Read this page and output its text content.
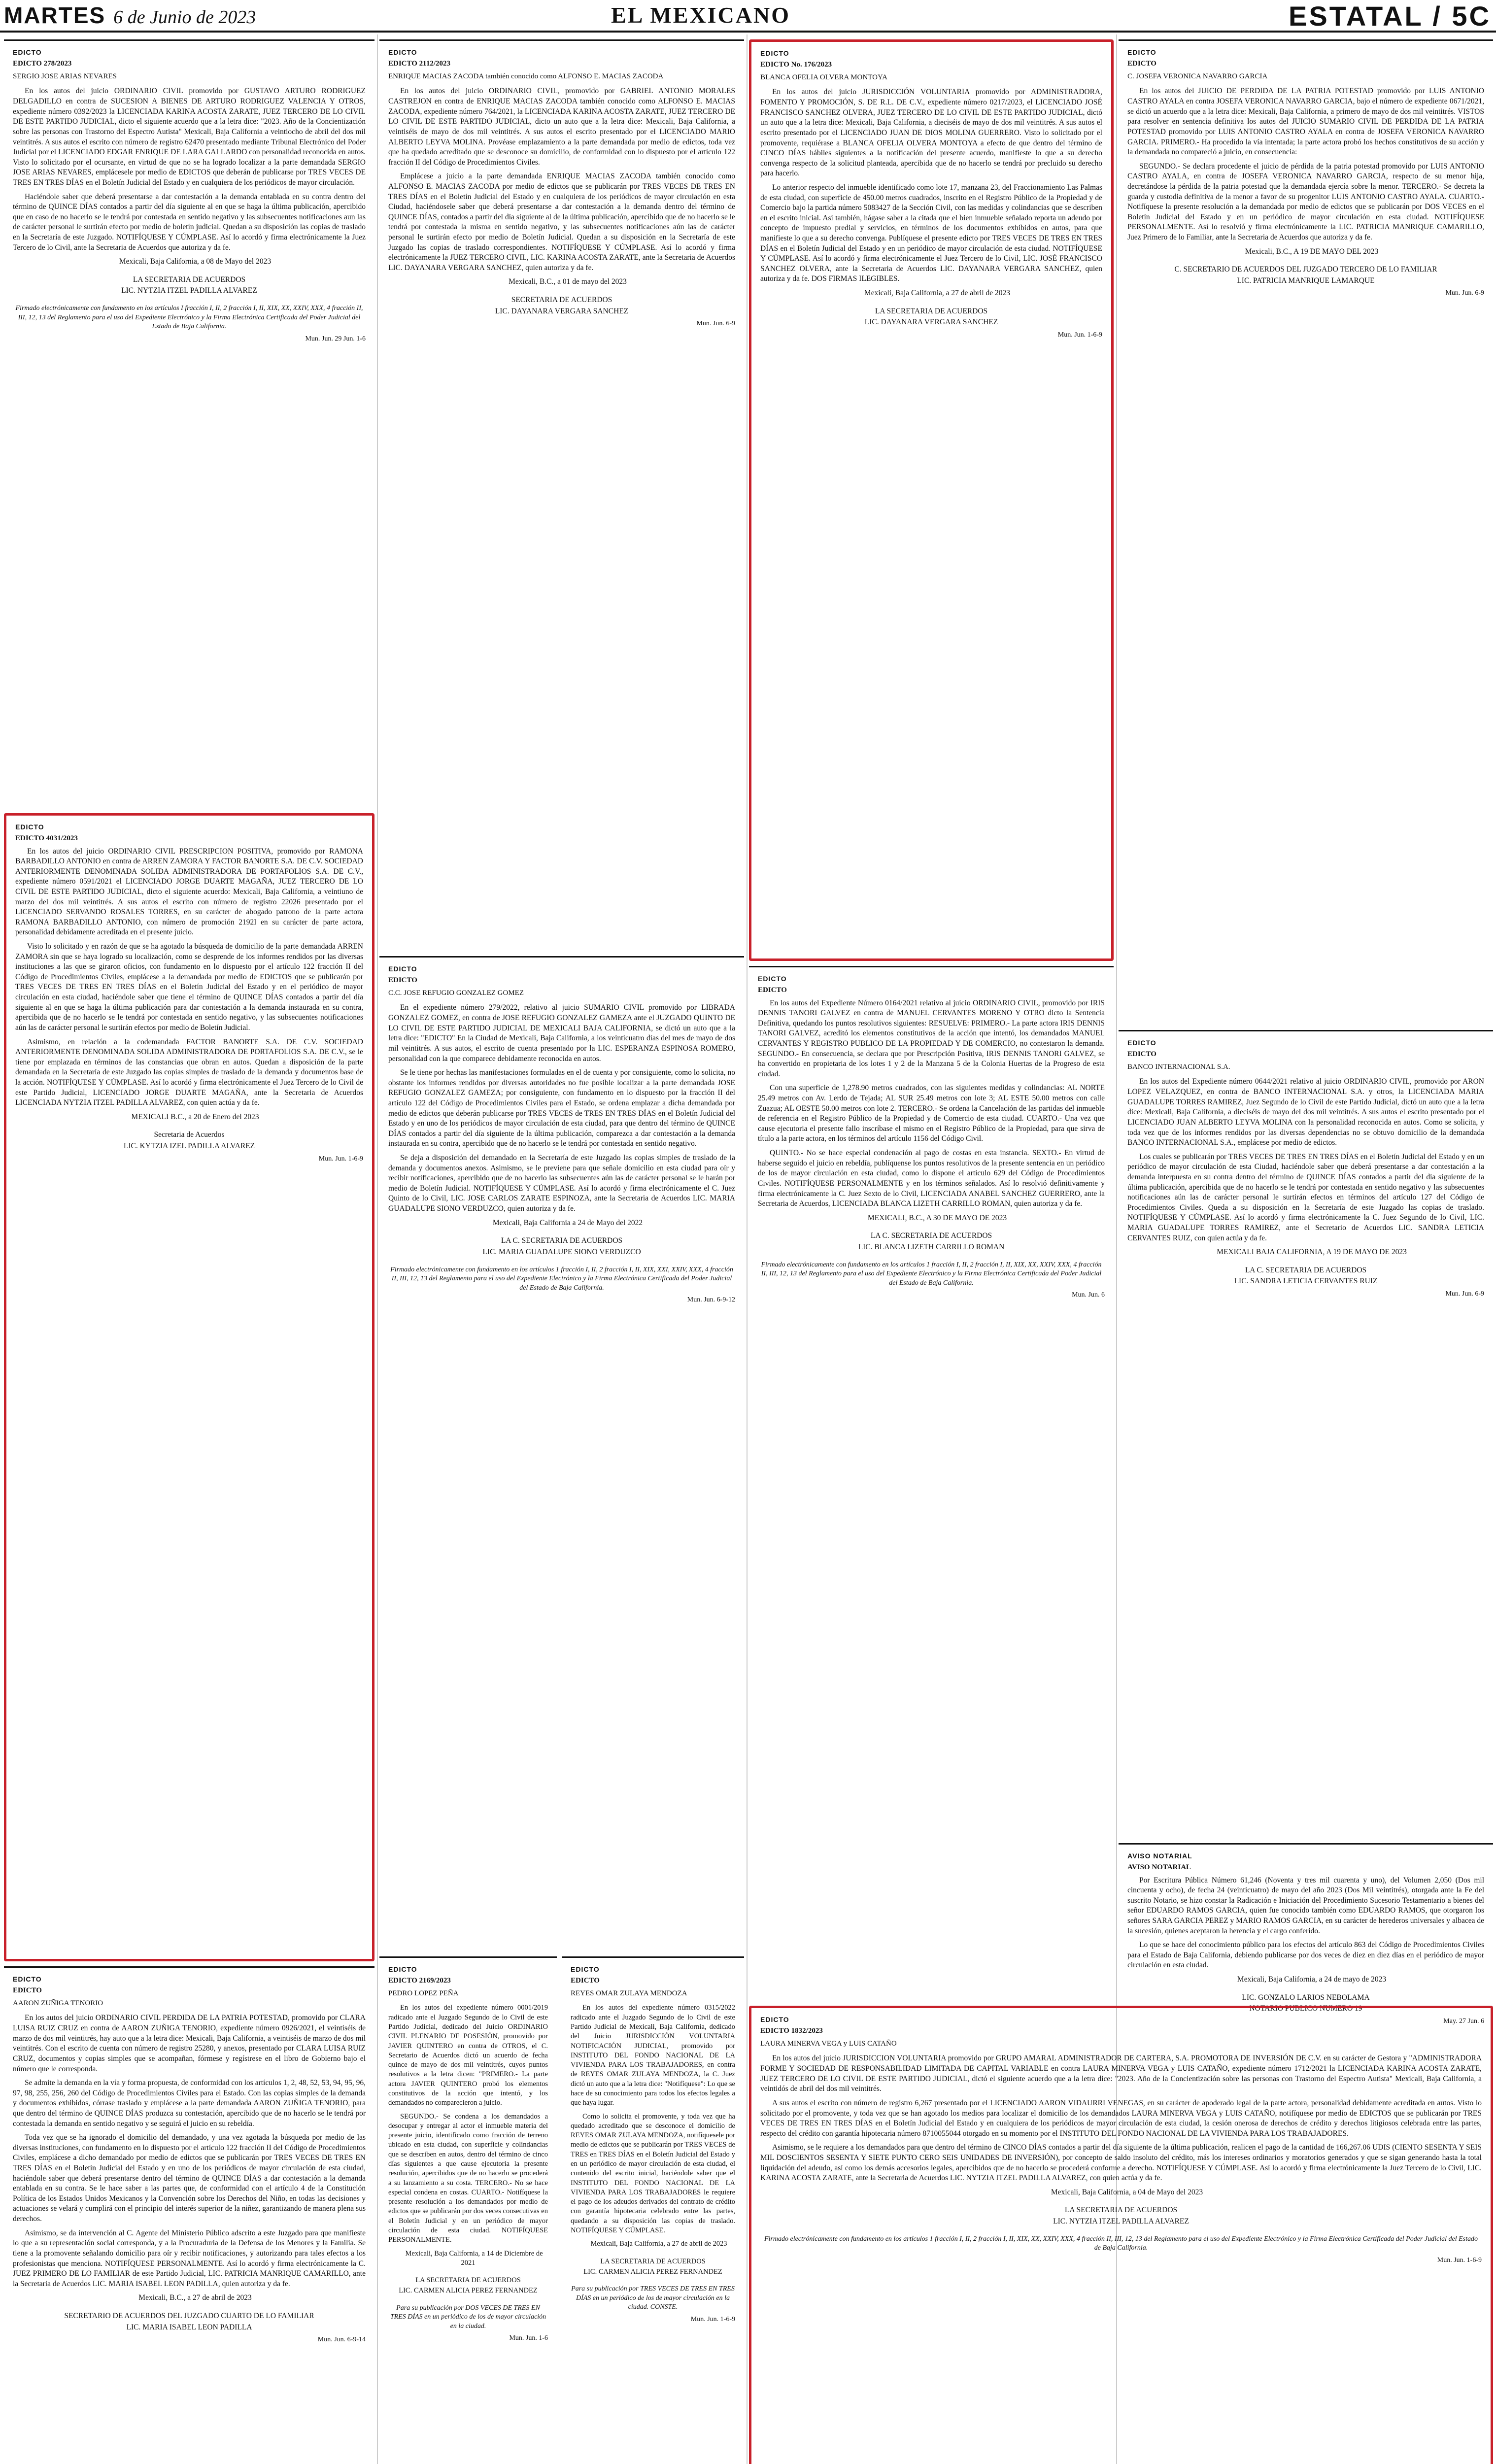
MARTES 6 de Junio de 2023	EL MEXICANO	ESTATAL / 5C
EDICTO
EDICTO 278/2023
SERGIO JOSE ARIAS NEVARES

En los autos del juicio ORDINARIO CIVIL promovido por GUSTAVO ARTURO RODRIGUEZ DELGADILLO en contra de SUCESION A BIENES DE ARTURO RODRIGUEZ VALENCIA Y OTROS, expediente número 0392/2023 la LICENCIADA KARINA ACOSTA ZARATE, JUEZ TERCERO DE LO CIVIL DE ESTE PARTIDO JUDICIAL, dicto el siguiente acuerdo que a la letra dice: "2023. Año de la Concientización sobre las personas con Trastorno del Espectro Autista" Mexicali, Baja California a veintiocho de abril del dos mil veintitrés. A sus autos el escrito con número de registro 62470 presentado mediante Tribunal Electrónico del Poder Judicial por el LICENCIADO EDGAR ENRIQUE DE LARA GALLARDO con personalidad reconocida en autos. Visto lo solicitado por el ocursante, en virtud de que no se ha logrado localizar a la parte demandada SERGIO JOSE ARIAS NEVARES, emplácesele por medio de EDICTOS que deberán de publicarse por TRES VECES DE TRES EN TRES DÍAS en el Boletín Judicial del Estado y en cualquiera de los periódicos de mayor circulación.

Haciéndole saber que deberá presentarse a dar contestación a la demanda entablada en su contra dentro del término de QUINCE DÍAS contados a partir del día siguiente al en que se haga la última publicación, apercibido que en caso de no hacerlo se le tendrá por contestada en sentido negativo y las subsecuentes notificaciones aun las de carácter personal le surtirán efecto por medio de boletín judicial. Quedan a su disposición las copias de traslado en la Secretaría de este Juzgado. NOTIFÍQUESE Y CÚMPLASE. Así lo acordó y firma electrónicamente la Juez Tercero de lo Civil, ante la Secretaria de Acuerdos que autoriza y da fe.

Mexicali, Baja California, a 08 de Mayo del 2023

LA SECRETARIA DE ACUERDOS
LIC. NYTZIA ITZEL PADILLA ALVAREZ
Firmado electrónicamente con fundamento en los artículos I fracción I, II, 2 fracción I, II, XIX, XX, XXIV, XXX, 4 fracción II, III, 12, 13 del Reglamento para el uso del Expediente Electrónico y la Firma Electrónica Certificada del Poder Judicial del Estado de Baja California.
Mun. Jun. 29 Jun. 1-6
EDICTO
EDICTO 2112/2023
ENRIQUE MACIAS ZACODA también conocido como ALFONSO E. MACIAS ZACODA

En los autos del juicio ORDINARIO CIVIL, promovido por GABRIEL ANTONIO MORALES CASTREJON en contra de ENRIQUE MACIAS ZACODA también conocido como ALFONSO E. MACIAS ZACODA, expediente número 764/2021, la LICENCIADA KARINA ACOSTA ZARATE, JUEZ TERCERO DE LO CIVIL DE ESTE PARTIDO JUDICIAL, dicto un auto que a la letra dice: Mexicali, Baja California, a veintiséis de mayo de dos mil veintitrés. A sus autos el escrito presentado por el LICENCIADO MARIO ALBERTO LEYVA MOLINA. Provéase emplazamiento a la parte demandada por medio de edictos, toda vez que ha quedado acreditado que se desconoce su domicilio, de conformidad con lo dispuesto por el artículo 122 fracción II del Código de Procedimientos Civiles.

Emplácese a juicio a la parte demandada ENRIQUE MACIAS ZACODA también conocido como ALFONSO E. MACIAS ZACODA por medio de edictos que se publicarán por TRES VECES DE TRES EN TRES DÍAS en el Boletín Judicial del Estado y en cualquiera de los periódicos de mayor circulación en esta Ciudad, haciéndosele saber que deberá presentarse a dar contestación a la demanda dentro del término de QUINCE DÍAS, contados a partir del día siguiente al de la última publicación, apercibido que de no hacerlo se le tendrá por contestada la misma en sentido negativo, y las subsecuentes notificaciones aún las de carácter personal le surtirán efecto por medio de Boletín Judicial. Quedan a su disposición en la Secretaría de este Juzgado las copias de traslado correspondientes. NOTIFÍQUESE Y CÚMPLASE. Así lo acordó y firma electrónicamente la JUEZ TERCERO CIVIL, LIC. KARINA ACOSTA ZARATE, ante la Secretaria de Acuerdos LIC. DAYANARA VERGARA SANCHEZ, quien autoriza y da fe.

Mexicali, B.C., a 01 de mayo del 2023

SECRETARIA DE ACUERDOS
LIC. DAYANARA VERGARA SANCHEZ
Mun. Jun. 6-9
EDICTO
EDICTO No. 176/2023
BLANCA OFELIA OLVERA MONTOYA

En los autos del juicio JURISDICCIÓN VOLUNTARIA promovido por ADMINISTRADORA, FOMENTO Y PROMOCIÓN, S. DE R.L. DE C.V., expediente número 0217/2023, el LICENCIADO JOSÉ FRANCISCO SANCHEZ OLVERA, JUEZ TERCERO DE LO CIVIL DE ESTE PARTIDO JUDICIAL, dictó un auto que a la letra dice: Mexicali, Baja California, a dieciséis de mayo de dos mil veintitrés. A sus autos el escrito presentado por el LICENCIADO JUAN DE DIOS MOLINA GUERRERO. Visto lo solicitado por el promovente, requiérase a BLANCA OFELIA OLVERA MONTOYA a efecto de que dentro del término de CINCO DÍAS hábiles siguientes a la notificación del presente acuerdo, manifieste lo que a su derecho convenga respecto de la solicitud planteada, apercibida que de no hacerlo se tendrá por precluido su derecho para hacerlo.

Lo anterior respecto del inmueble identificado como lote 17, manzana 23, del Fraccionamiento Las Palmas de esta ciudad, con superficie de 450.00 metros cuadrados, inscrito en el Registro Público de la Propiedad y de Comercio bajo la partida número 5083427 de la Sección Civil, con las medidas y colindancias que se describen en el escrito inicial. Así también, hágase saber a la citada que el bien inmueble señalado reporta un adeudo por concepto de impuesto predial y servicios, en términos de los documentos exhibidos en autos, para que manifieste lo que a su derecho convenga. Publíquese el presente edicto por TRES VECES DE TRES EN TRES DÍAS en el Boletín Judicial del Estado y en un periódico de mayor circulación de esta ciudad. NOTIFÍQUESE Y CÚMPLASE. Así lo acordó y firma electrónicamente el Juez Tercero de lo Civil, LIC. JOSÉ FRANCISCO SANCHEZ OLVERA, ante la Secretaria de Acuerdos LIC. DAYANARA VERGARA SANCHEZ, quien autoriza y da fe. DOS FIRMAS ILEGIBLES.

Mexicali, Baja California, a 27 de abril de 2023

LA SECRETARIA DE ACUERDOS
LIC. DAYANARA VERGARA SANCHEZ
Mun. Jun. 1-6-9
EDICTO
EDICTO
C. JOSEFA VERONICA NAVARRO GARCIA

En los autos del JUICIO DE PERDIDA DE LA PATRIA POTESTAD promovido por LUIS ANTONIO CASTRO AYALA en contra JOSEFA VERONICA NAVARRO GARCIA, bajo el número de expediente 0671/2021, se dictó un acuerdo que a la letra dice: Mexicali, Baja California, a primero de mayo de dos mil veintitrés. VISTOS para resolver en sentencia definitiva los autos del JUICIO SUMARIO CIVIL DE PERDIDA DE LA PATRIA POTESTAD promovido por LUIS ANTONIO CASTRO AYALA en contra de JOSEFA VERONICA NAVARRO GARCIA. PRIMERO.- Ha procedido la vía intentada; la parte actora probó los hechos constitutivos de su acción y la demandada no compareció a juicio, en consecuencia:

SEGUNDO.- Se declara procedente el juicio de pérdida de la patria potestad promovido por LUIS ANTONIO CASTRO AYALA, en contra de JOSEFA VERONICA NAVARRO GARCIA, respecto de su menor hija, decretándose la pérdida de la patria potestad que la demandada ejercía sobre la menor. TERCERO.- Se decreta la guarda y custodia definitiva de la menor a favor de su progenitor LUIS ANTONIO CASTRO AYALA. CUARTO.- Notifíquese la presente resolución a la demandada por medio de edictos que se publicarán por DOS VECES en el Boletín Judicial del Estado y en un periódico de mayor circulación en esta ciudad. NOTIFÍQUESE PERSONALMENTE. Así lo resolvió y firma electrónicamente la LIC. PATRICIA MANRIQUE CAMARILLO, Juez Primero de lo Familiar, ante la Secretaria de Acuerdos que autoriza y da fe.

Mexicali, B.C., A 19 DE MAYO DEL 2023

C. SECRETARIO DE ACUERDOS DEL JUZGADO TERCERO DE LO FAMILIAR
LIC. PATRICIA MANRIQUE LAMARQUE
Mun. Jun. 6-9
EDICTO
EDICTO 4031/2023

En los autos del juicio ORDINARIO CIVIL PRESCRIPCION POSITIVA, promovido por RAMONA BARBADILLO ANTONIO en contra de ARREN ZAMORA Y FACTOR BANORTE S.A. DE C.V. SOCIEDAD ANTERIORMENTE DENOMINADA SOLIDA ADMINISTRADORA DE PORTAFOLIOS S.A. DE C.V., expediente número 0591/2021 el LICENCIADO JORGE DUARTE MAGAÑA, JUEZ TERCERO DE LO CIVIL DE ESTE PARTIDO JUDICIAL, dicto el siguiente acuerdo: Mexicali, Baja California, a veintiuno de marzo del dos mil veintitrés. A sus autos el escrito con número de registro 22026 presentado por el LICENCIADO SERVANDO ROSALES TORRES, en su carácter de abogado patrono de la parte actora RAMONA BARBADILLO ANTONIO, con número de promoción 2192I en su carácter de parte actora, personalidad debidamente acreditada en el presente juicio.

Visto lo solicitado y en razón de que se ha agotado la búsqueda de domicilio de la parte demandada ARREN ZAMORA sin que se haya logrado su localización, como se desprende de los informes rendidos por las diversas instituciones a las que se giraron oficios, con fundamento en lo dispuesto por el artículo 122 fracción II del Código de Procedimientos Civiles, emplácese a la demandada por medio de EDICTOS que se publicarán por TRES VECES DE TRES EN TRES DÍAS en el Boletín Judicial del Estado y en el periódico de mayor circulación en esta ciudad, haciéndole saber que tiene el término de QUINCE DÍAS contados a partir del día siguiente al en que se haga la última publicación para dar contestación a la demanda instaurada en su contra, apercibida que de no hacerlo se le tendrá por contestada en sentido negativo, y las subsecuentes notificaciones aún las de carácter personal le surtirán efectos por medio de Boletín Judicial.

Asimismo, en relación a la codemandada FACTOR BANORTE S.A. DE C.V. SOCIEDAD ANTERIORMENTE DENOMINADA SOLIDA ADMINISTRADORA DE PORTAFOLIOS S.A. DE C.V., se le tiene por emplazada en términos de las constancias que obran en autos. Quedan a disposición de la parte demandada en la Secretaría de este Juzgado las copias simples de traslado de la demanda y documentos base de la acción. NOTIFÍQUESE Y CÚMPLASE. Así lo acordó y firma electrónicamente el Juez Tercero de lo Civil de este Partido Judicial, LICENCIADO JORGE DUARTE MAGAÑA, ante la Secretaria de Acuerdos LICENCIADA NYTZIA ITZEL PADILLA ALVAREZ, con quien actúa y da fe.

MEXICALI B.C., a 20 de Enero del 2023

Secretaria de Acuerdos
LIC. KYTZIA IZEL PADILLA ALVAREZ
Mun. Jun. 1-6-9
EDICTO
EDICTO
C.C. JOSE REFUGIO GONZALEZ GOMEZ

En el expediente número 279/2022, relativo al juicio SUMARIO CIVIL promovido por LIBRADA GONZALEZ GOMEZ, en contra de JOSE REFUGIO GONZALEZ GAMEZA ante el JUZGADO QUINTO DE LO CIVIL DE ESTE PARTIDO JUDICIAL DE MEXICALI BAJA CALIFORNIA, se dictó un auto que a la letra dice: "EDICTO" En la Ciudad de Mexicali, Baja California, a los veinticuatro días del mes de mayo de dos mil veintitrés. A sus autos, el escrito de cuenta presentado por la LIC. ESPERANZA ESPINOSA ROMERO, personalidad con la que comparece debidamente reconocida en autos.

Se le tiene por hechas las manifestaciones formuladas en el de cuenta y por consiguiente, como lo solicita, no obstante los informes rendidos por diversas autoridades no fue posible localizar a la parte demandada JOSE REFUGIO GONZALEZ GAMEZA; por consiguiente, con fundamento en lo dispuesto por la fracción II del artículo 122 del Código de Procedimientos Civiles para el Estado, se ordena emplazar a dicha demandada por medio de edictos que deberán publicarse por TRES VECES de TRES EN TRES DÍAS en el Boletín Judicial del Estado y en uno de los periódicos de mayor circulación de esta ciudad, para que dentro del término de QUINCE DÍAS contados a partir del día siguiente de la última publicación, comparezca a dar contestación a la demanda instaurada en su contra, apercibido que de no hacerlo se le tendrá por contestada en sentido negativo.

Se deja a disposición del demandado en la Secretaría de este Juzgado las copias simples de traslado de la demanda y documentos anexos. Asimismo, se le previene para que señale domicilio en esta ciudad para oír y recibir notificaciones, apercibido que de no hacerlo las subsecuentes aún las de carácter personal se le harán por medio de Boletín Judicial. NOTIFÍQUESE Y CÚMPLASE. Así lo acordó y firma electrónicamente el C. Juez Quinto de lo Civil, LIC. JOSE CARLOS ZARATE ESPINOZA, ante la Secretaria de Acuerdos LIC. MARIA GUADALUPE SIONO VERDUZCO, quien autoriza y da fe.

Mexicali, Baja California a 24 de Mayo del 2022

LA C. SECRETARIA DE ACUERDOS
LIC. MARIA GUADALUPE SIONO VERDUZCO
Firmado electrónicamente con fundamento en los artículos 1 fracción I, II, 2 fracción I, II, XIX, XXI, XXIV, XXX, 4 fracción II, III, 12, 13 del Reglamento para el uso del Expediente Electrónico y la Firma Electrónica Certificada del Poder Judicial del Estado de Baja California.
Mun. Jun. 6-9-12
EDICTO
EDICTO

En los autos del Expediente Número 0164/2021 relativo al juicio ORDINARIO CIVIL, promovido por IRIS DENNIS TANORI GALVEZ en contra de MANUEL CERVANTES MORENO Y OTRO dicto la Sentencia Definitiva, quedando los puntos resolutivos siguientes: RESUELVE: PRIMERO.- La parte actora IRIS DENNIS TANORI GALVEZ, acreditó los elementos constitutivos de la acción que intentó, los demandados MANUEL CERVANTES Y REGISTRO PUBLICO DE LA PROPIEDAD Y DE COMERCIO, no contestaron la demanda. SEGUNDO.- En consecuencia, se declara que por Prescripción Positiva, IRIS DENNIS TANORI GALVEZ, se ha convertido en propietaria de los lotes 1 y 2 de la Manzana 5 de la Colonia Huertas de la Progreso de esta ciudad.

Con una superficie de 1,278.90 metros cuadrados, con las siguientes medidas y colindancias: AL NORTE 25.49 metros con Av. Lerdo de Tejada; AL SUR 25.49 metros con lote 3; AL ESTE 50.00 metros con calle Zuazua; AL OESTE 50.00 metros con lote 2. TERCERO.- Se ordena la Cancelación de las partidas del inmueble de referencia en el Registro Público de la Propiedad y de Comercio de esta ciudad. CUARTO.- Una vez que cause ejecutoria el presente fallo inscríbase el mismo en el Registro Público de la Propiedad, para que sirva de título a la parte actora, en los términos del artículo 1156 del Código Civil.

QUINTO.- No se hace especial condenación al pago de costas en esta instancia. SEXTO.- En virtud de haberse seguido el juicio en rebeldía, publíquense los puntos resolutivos de la presente sentencia en un periódico de los de mayor circulación en esta ciudad, como lo dispone el artículo 629 del Código de Procedimientos Civiles. NOTIFÍQUESE PERSONALMENTE y en los términos señalados. Así lo resolvió definitivamente y firma electrónicamente la C. Juez Sexto de lo Civil, LICENCIADA ANABEL SANCHEZ GUERRERO, ante la Secretaria de Acuerdos, LICENCIADA BLANCA LIZETH CARRILLO ROMAN, quien autoriza y da fe.

MEXICALI, B.C., A 30 DE MAYO DE 2023

LA C. SECRETARIA DE ACUERDOS
LIC. BLANCA LIZETH CARRILLO ROMAN
Firmado electrónicamente con fundamento en los artículos 1 fracción I, II, 2 fracción I, II, XIX, XX, XXIV, XXX, 4 fracción II, III, 12, 13 del Reglamento para el uso del Expediente Electrónico y la Firma Electrónica Certificada del Poder Judicial del Estado de Baja California.
Mun. Jun. 6
EDICTO
EDICTO
BANCO INTERNACIONAL S.A.

En los autos del Expediente número 0644/2021 relativo al juicio ORDINARIO CIVIL, promovido por ARON LOPEZ VELAZQUEZ, en contra de BANCO INTERNACIONAL S.A. y otros, la LICENCIADA MARIA GUADALUPE TORRES RAMIREZ, Juez Segundo de lo Civil de este Partido Judicial, dictó un auto que a la letra dice: Mexicali, Baja California, a dieciséis de mayo del dos mil veintitrés. A sus autos el escrito presentado por el LICENCIADO JUAN ALBERTO LEYVA MOLINA con la personalidad reconocida en autos. Como se solicita, y toda vez que de los informes rendidos por las diversas dependencias no se obtuvo domicilio de la demandada BANCO INTERNACIONAL S.A., emplácese por medio de edictos.

Los cuales se publicarán por TRES VECES DE TRES EN TRES DÍAS en el Boletín Judicial del Estado y en un periódico de mayor circulación de esta Ciudad, haciéndole saber que deberá presentarse a dar contestación a la demanda interpuesta en su contra dentro del término de QUINCE DÍAS contados a partir del día siguiente de la última publicación, apercibida que de no hacerlo se le tendrá por contestada en sentido negativo y las subsecuentes notificaciones aún las de carácter personal le surtirán efectos en términos del artículo 127 del Código de Procedimientos Civiles. Queda a su disposición en la Secretaría de este Juzgado las copias de traslado. NOTIFÍQUESE Y CÚMPLASE. Así lo acordó y firma electrónicamente la C. Juez Segundo de lo Civil, LIC. MARIA GUADALUPE TORRES RAMIREZ, ante el Secretario de Acuerdos LIC. SANDRA LETICIA CERVANTES RUIZ, con quien actúa y da fe.

MEXICALI BAJA CALIFORNIA, A 19 DE MAYO DE 2023

LA C. SECRETARIA DE ACUERDOS
LIC. SANDRA LETICIA CERVANTES RUIZ
Mun. Jun. 6-9
AVISO NOTARIAL
AVISO NOTARIAL

Por Escritura Pública Número 61,246 (Noventa y tres mil cuarenta y uno), del Volumen 2,050 (Dos mil cincuenta y ocho), de fecha 24 (veinticuatro) de mayo del año 2023 (Dos Mil veintitrés), otorgada ante la Fe del suscrito Notario, se hizo constar la Radicación e Iniciación del Procedimiento Sucesorio Testamentario a bienes del señor EDUARDO RAMOS GARCIA, quien fue conocido también como EDUARDO RAMOS, que otorgaron los señores SARA GARCIA PEREZ y MARIO RAMOS GARCIA, en su carácter de herederos universales y albacea de la sucesión, quienes aceptaron la herencia y el cargo conferido.

Lo que se hace del conocimiento público para los efectos del artículo 863 del Código de Procedimientos Civiles para el Estado de Baja California, debiendo publicarse por dos veces de diez en diez días en el periódico de mayor circulación en esta ciudad.

Mexicali, Baja California, a 24 de mayo de 2023

LIC. GONZALO LARIOS NEBOLAMA
NOTARIO PUBLICO NUMERO 19
May. 27 Jun. 6
EDICTO
EDICTO
AARON ZUÑIGA TENORIO

En los autos del juicio ORDINARIO CIVIL PERDIDA DE LA PATRIA POTESTAD, promovido por CLARA LUISA RUIZ CRUZ en contra de AARON ZUÑIGA TENORIO, expediente número 0926/2021, el veintiséis de marzo de dos mil veintitrés, hay auto que a la letra dice: Mexicali, Baja California, a veintiséis de marzo de dos mil veintitrés. Con el escrito de cuenta con número de registro 25280, y anexos, presentado por CLARA LUISA RUIZ CRUZ, documentos y copias simples que se acompañan, fórmese y regístrese en el libro de Gobierno bajo el número que le corresponda.

Se admite la demanda en la vía y forma propuesta, de conformidad con los artículos 1, 2, 48, 52, 53, 94, 95, 96, 97, 98, 255, 256, 260 del Código de Procedimientos Civiles para el Estado. Con las copias simples de la demanda y documentos exhibidos, córrase traslado y emplácese a la parte demandada AARON ZUÑIGA TENORIO, para que dentro del término de QUINCE DÍAS produzca su contestación, apercibido que de no hacerlo se le tendrá por contestada la demanda en sentido negativo y se seguirá el juicio en su rebeldía.

Toda vez que se ha ignorado el domicilio del demandado, y una vez agotada la búsqueda por medio de las diversas instituciones, con fundamento en lo dispuesto por el artículo 122 fracción II del Código de Procedimientos Civiles, emplácese a dicho demandado por medio de edictos que se publicarán por TRES VECES DE TRES EN TRES DÍAS en el Boletín Judicial del Estado y en uno de los periódicos de mayor circulación de esta ciudad, haciéndole saber que deberá presentarse dentro del término de QUINCE DÍAS a dar contestación a la demanda entablada en su contra. Se le hace saber a las partes que, de conformidad con el artículo 4 de la Constitución Política de los Estados Unidos Mexicanos y la Convención sobre los Derechos del Niño, en todas las decisiones y actuaciones se velará y cumplirá con el principio del interés superior de la niñez, garantizando de manera plena sus derechos.

Asimismo, se da intervención al C. Agente del Ministerio Público adscrito a este Juzgado para que manifieste lo que a su representación social corresponda, y a la Procuraduría de la Defensa de los Menores y la Familia. Se tiene a la promovente señalando domicilio para oír y recibir notificaciones, y autorizando para tales efectos a los profesionistas que menciona. NOTIFÍQUESE PERSONALMENTE. Así lo acordó y firma electrónicamente la C. JUEZ PRIMERO DE LO FAMILIAR de este Partido Judicial, LIC. PATRICIA MANRIQUE CAMARILLO, ante la Secretaria de Acuerdos LIC. MARIA ISABEL LEON PADILLA, quien autoriza y da fe.

Mexicali, B.C., a 27 de abril de 2023

SECRETARIO DE ACUERDOS DEL JUZGADO CUARTO DE LO FAMILIAR
LIC. MARIA ISABEL LEON PADILLA
Mun. Jun. 6-9-14
EDICTO
EDICTO 2169/2023
PEDRO LOPEZ PEÑA

En los autos del expediente número 0001/2019 radicado ante el Juzgado Segundo de lo Civil de este Partido Judicial, dedicado del Juicio ORDINARIO CIVIL PLENARIO DE POSESIÓN, promovido por JAVIER QUINTERO en contra de OTROS, el C. Secretario de Acuerdos dictó un acuerdo de fecha quince de mayo de dos mil veintitrés, cuyos puntos resolutivos a la letra dicen: "PRIMERO.- La parte actora JAVIER QUINTERO probó los elementos constitutivos de la acción que intentó, y los demandados no comparecieron a juicio.

SEGUNDO.- Se condena a los demandados a desocupar y entregar al actor el inmueble materia del presente juicio, identificado como fracción de terreno ubicado en esta ciudad, con superficie y colindancias que se describen en autos, dentro del término de cinco días siguientes a que cause ejecutoria la presente resolución, apercibidos que de no hacerlo se procederá a su lanzamiento a su costa. TERCERO.- No se hace especial condena en costas. CUARTO.- Notifíquese la presente resolución a los demandados por medio de edictos que se publicarán por dos veces consecutivas en el Boletín Judicial y en un periódico de mayor circulación de esta ciudad. NOTIFÍQUESE PERSONALMENTE.

Mexicali, Baja California, a 14 de Diciembre de 2021

LA SECRETARIA DE ACUERDOS
LIC. CARMEN ALICIA PEREZ FERNANDEZ
Para su publicación por DOS VECES DE TRES EN TRES DÍAS en un periódico de los de mayor circulación en la ciudad.
Mun. Jun. 1-6
EDICTO
EDICTO
REYES OMAR ZULAYA MENDOZA

En los autos del expediente número 0315/2022 radicado ante el Juzgado Segundo de lo Civil de este Partido Judicial de Mexicali, Baja California, dedicado del Juicio JURISDICCIÓN VOLUNTARIA NOTIFICACIÓN JUDICIAL, promovido por INSTITUTO DEL FONDO NACIONAL DE LA VIVIENDA PARA LOS TRABAJADORES, en contra de REYES OMAR ZULAYA MENDOZA, la C. Juez dictó un auto que a la letra dice: "Notifíquese": Lo que se hace de su conocimiento para todos los efectos legales a que haya lugar.

Como lo solicita el promovente, y toda vez que ha quedado acreditado que se desconoce el domicilio de REYES OMAR ZULAYA MENDOZA, notifíquesele por medio de edictos que se publicarán por TRES VECES de TRES en TRES DÍAS en el Boletín Judicial del Estado y en un periódico de mayor circulación de esta ciudad, el contenido del escrito inicial, haciéndole saber que el INSTITUTO DEL FONDO NACIONAL DE LA VIVIENDA PARA LOS TRABAJADORES le requiere el pago de los adeudos derivados del contrato de crédito con garantía hipotecaria celebrado entre las partes, quedando a su disposición las copias de traslado. NOTIFÍQUESE Y CÚMPLASE.

Mexicali, Baja California, a 27 de abril de 2023

LA SECRETARIA DE ACUERDOS
LIC. CARMEN ALICIA PEREZ FERNANDEZ
Para su publicación por TRES VECES DE TRES EN TRES DÍAS en un periódico de los de mayor circulación en la ciudad. CONSTE.
Mun. Jun. 1-6-9
EDICTO
EDICTO 1832/2023
LAURA MINERVA VEGA y LUIS CATAÑO

En los autos del juicio JURISDICCION VOLUNTARIA promovido por GRUPO AMARAL ADMINISTRADOR DE CARTERA, S.A. PROMOTORA DE INVERSIÓN DE C.V. en su carácter de Gestora y "ADMINISTRADORA FORME Y SOCIEDAD DE RESPONSABILIDAD LIMITADA DE CAPITAL VARIABLE en contra LAURA MINERVA VEGA y LUIS CATAÑO, expediente número 1712/2021 la LICENCIADA KARINA ACOSTA ZARATE, JUEZ TERCERO DE LO CIVIL DE ESTE PARTIDO JUDICIAL, dictó el siguiente acuerdo que a la letra dice: "2023. Año de la Concientización sobre las personas con Trastorno del Espectro Autista" Mexicali, Baja California, a veintidós de abril del dos mil veintitrés.

A sus autos el escrito con número de registro 6,267 presentado por el LICENCIADO AARON VIDAURRI VENEGAS, en su carácter de apoderado legal de la parte actora, personalidad debidamente acreditada en autos. Visto lo solicitado por el promovente, y toda vez que se han agotado los medios para localizar el domicilio de los demandados LAURA MINERVA VEGA y LUIS CATAÑO, notifíquese por medio de EDICTOS que se publicarán por TRES VECES DE TRES EN TRES DÍAS en el Boletín Judicial del Estado y en cualquiera de los periódicos de mayor circulación de esta ciudad, la cesión onerosa de derechos de crédito y derechos litigiosos celebrada entre las partes, respecto del crédito con garantía hipotecaria número 8710055044 otorgado en su momento por el INSTITUTO DEL FONDO NACIONAL DE LA VIVIENDA PARA LOS TRABAJADORES.

Asimismo, se le requiere a los demandados para que dentro del término de CINCO DÍAS contados a partir del día siguiente de la última publicación, realicen el pago de la cantidad de 166,267.06 UDIS (CIENTO SESENTA Y SEIS MIL DOSCIENTOS SESENTA Y SIETE PUNTO CERO SEIS UNIDADES DE INVERSIÓN), por concepto de saldo insoluto del crédito, más los intereses ordinarios y moratorios generados y que se sigan generando hasta la total liquidación del adeudo, así como los demás accesorios legales, apercibidos que de no hacerlo se procederá conforme a derecho. NOTIFÍQUESE Y CÚMPLASE. Así lo acordó y firma electrónicamente la Juez Tercero de lo Civil, LIC. KARINA ACOSTA ZARATE, ante la Secretaria de Acuerdos LIC. NYTZIA ITZEL PADILLA ALVAREZ, con quien actúa y da fe.

Mexicali, Baja California, a 04 de Mayo del 2023

LA SECRETARIA DE ACUERDOS
LIC. NYTZIA ITZEL PADILLA ALVAREZ
Firmado electrónicamente con fundamento en los artículos 1 fracción I, II, 2 fracción I, II, XIX, XX, XXIV, XXX, 4 fracción II, III, 12, 13 del Reglamento para el uso del Expediente Electrónico y la Firma Electrónica Certificada del Poder Judicial del Estado de Baja California.
Mun. Jun. 1-6-9
